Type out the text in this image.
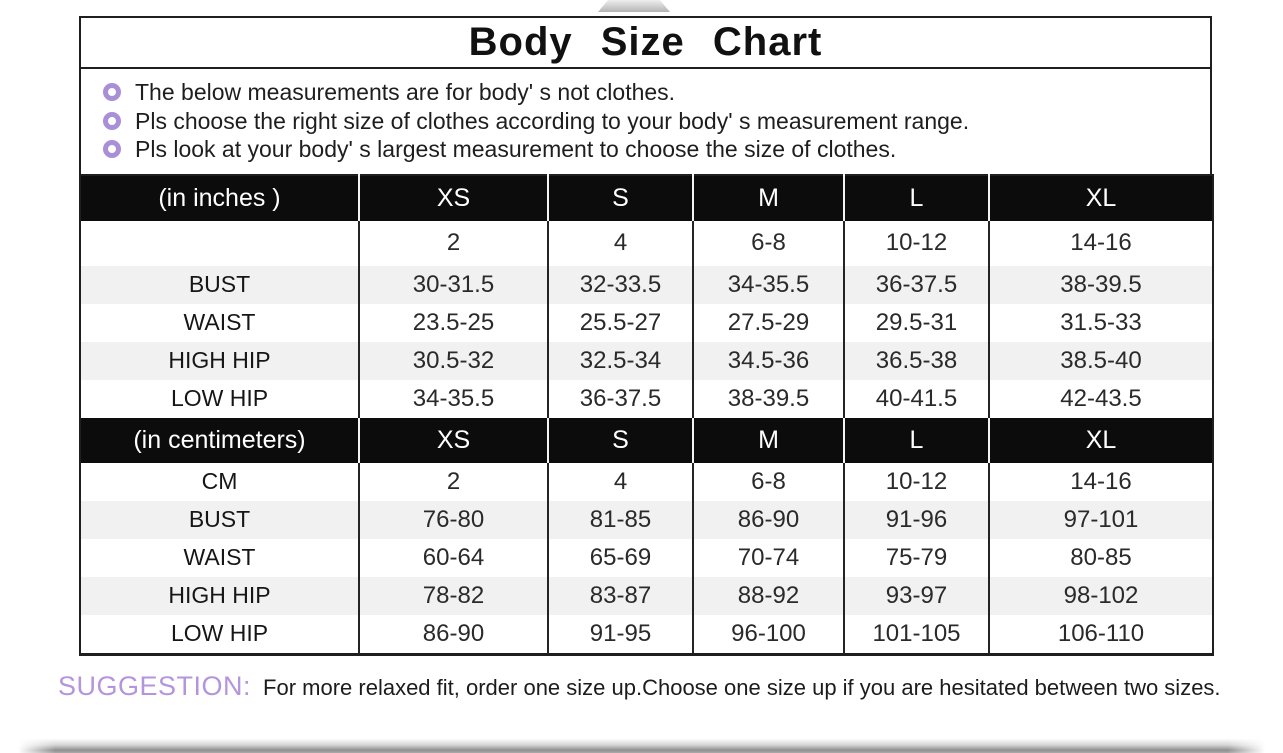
Body Size Chart
The below measurements are for body' s not clothes.
Pls choose the right size of clothes according to your body' s measurement range.
Pls look at your body' s largest measurement to choose the size of clothes.
(in inches )	XS	S	M	L	XL
	2	4	6-8	10-12	14-16
BUST	30-31.5	32-33.5	34-35.5	36-37.5	38-39.5
WAIST	23.5-25	25.5-27	27.5-29	29.5-31	31.5-33
HIGH HIP	30.5-32	32.5-34	34.5-36	36.5-38	38.5-40
LOW HIP	34-35.5	36-37.5	38-39.5	40-41.5	42-43.5
(in centimeters)	XS	S	M	L	XL
CM	2	4	6-8	10-12	14-16
BUST	76-80	81-85	86-90	91-96	97-101
WAIST	60-64	65-69	70-74	75-79	80-85
HIGH HIP	78-82	83-87	88-92	93-97	98-102
LOW HIP	86-90	91-95	96-100	101-105	106-110
SUGGESTION: For more relaxed fit, order one size up.Choose one size up if you are hesitated between two sizes.
